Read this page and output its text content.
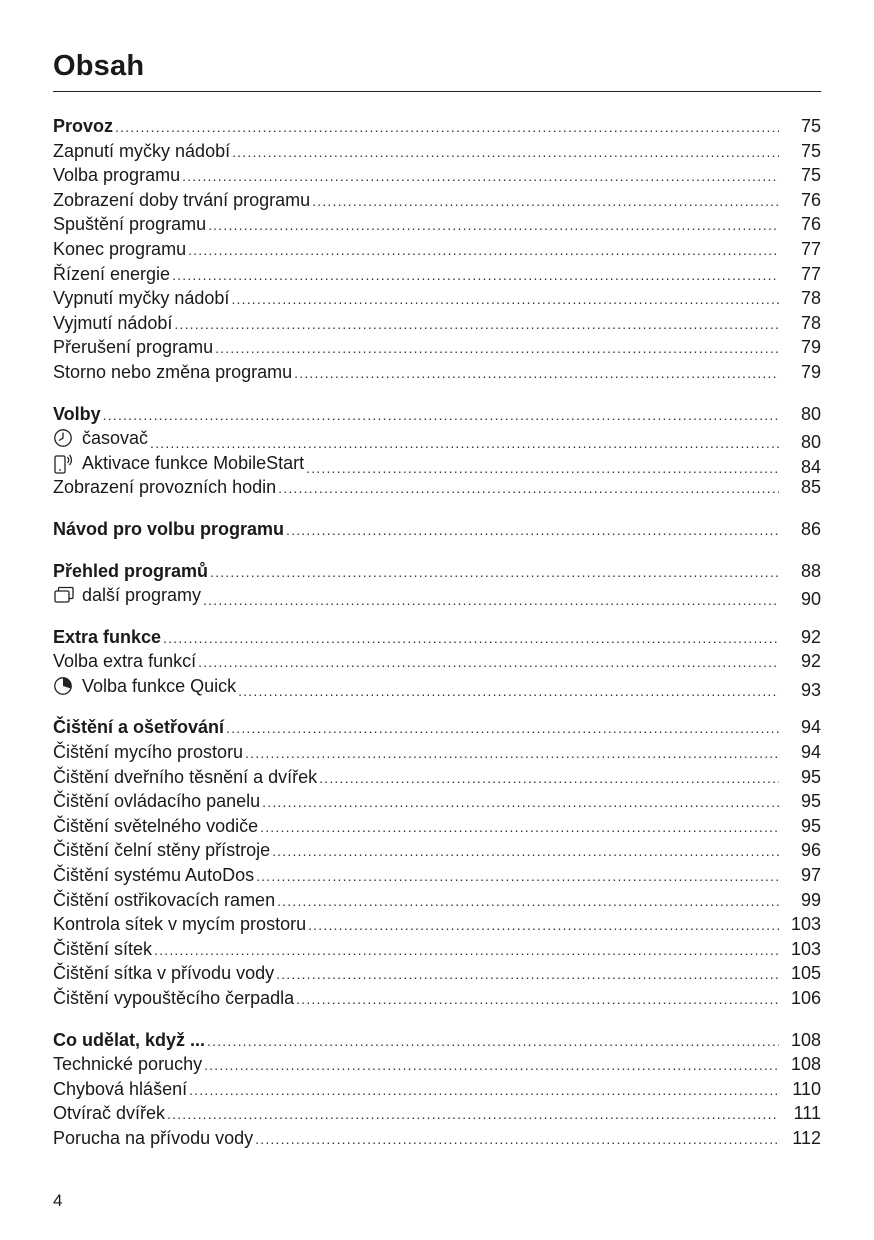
Obsah
Provoz .....	75
Zapnutí myčky nádobí .....	75
Volba programu .....	75
Zobrazení doby trvání programu .....	76
Spuštění programu .....	76
Konec programu .....	77
Řízení energie .....	77
Vypnutí myčky nádobí .....	78
Vyjmutí nádobí .....	78
Přerušení programu .....	79
Storno nebo změna programu .....	79
Volby .....	80
časovač .....	80
Aktivace funkce MobileStart .....	84
Zobrazení provozních hodin .....	85
Návod pro volbu programu .....	86
Přehled programů .....	88
další programy .....	90
Extra funkce .....	92
Volba extra funkcí .....	92
Volba funkce Quick .....	93
Čištění a ošetřování .....	94
Čištění mycího prostoru .....	94
Čištění dveřního těsnění a dvířek .....	95
Čištění ovládacího panelu .....	95
Čištění světelného vodiče .....	95
Čištění čelní stěny přístroje .....	96
Čištění systému AutoDos .....	97
Čištění ostřikovacích ramen .....	99
Kontrola sítek v mycím prostoru .....	103
Čištění sítek .....	103
Čištění sítka v přívodu vody .....	105
Čištění vypouštěcího čerpadla .....	106
Co udělat, když ... .....	108
Technické poruchy .....	108
Chybová hlášení .....	110
Otvírač dvířek .....	111
Porucha na přívodu vody .....	112
4
